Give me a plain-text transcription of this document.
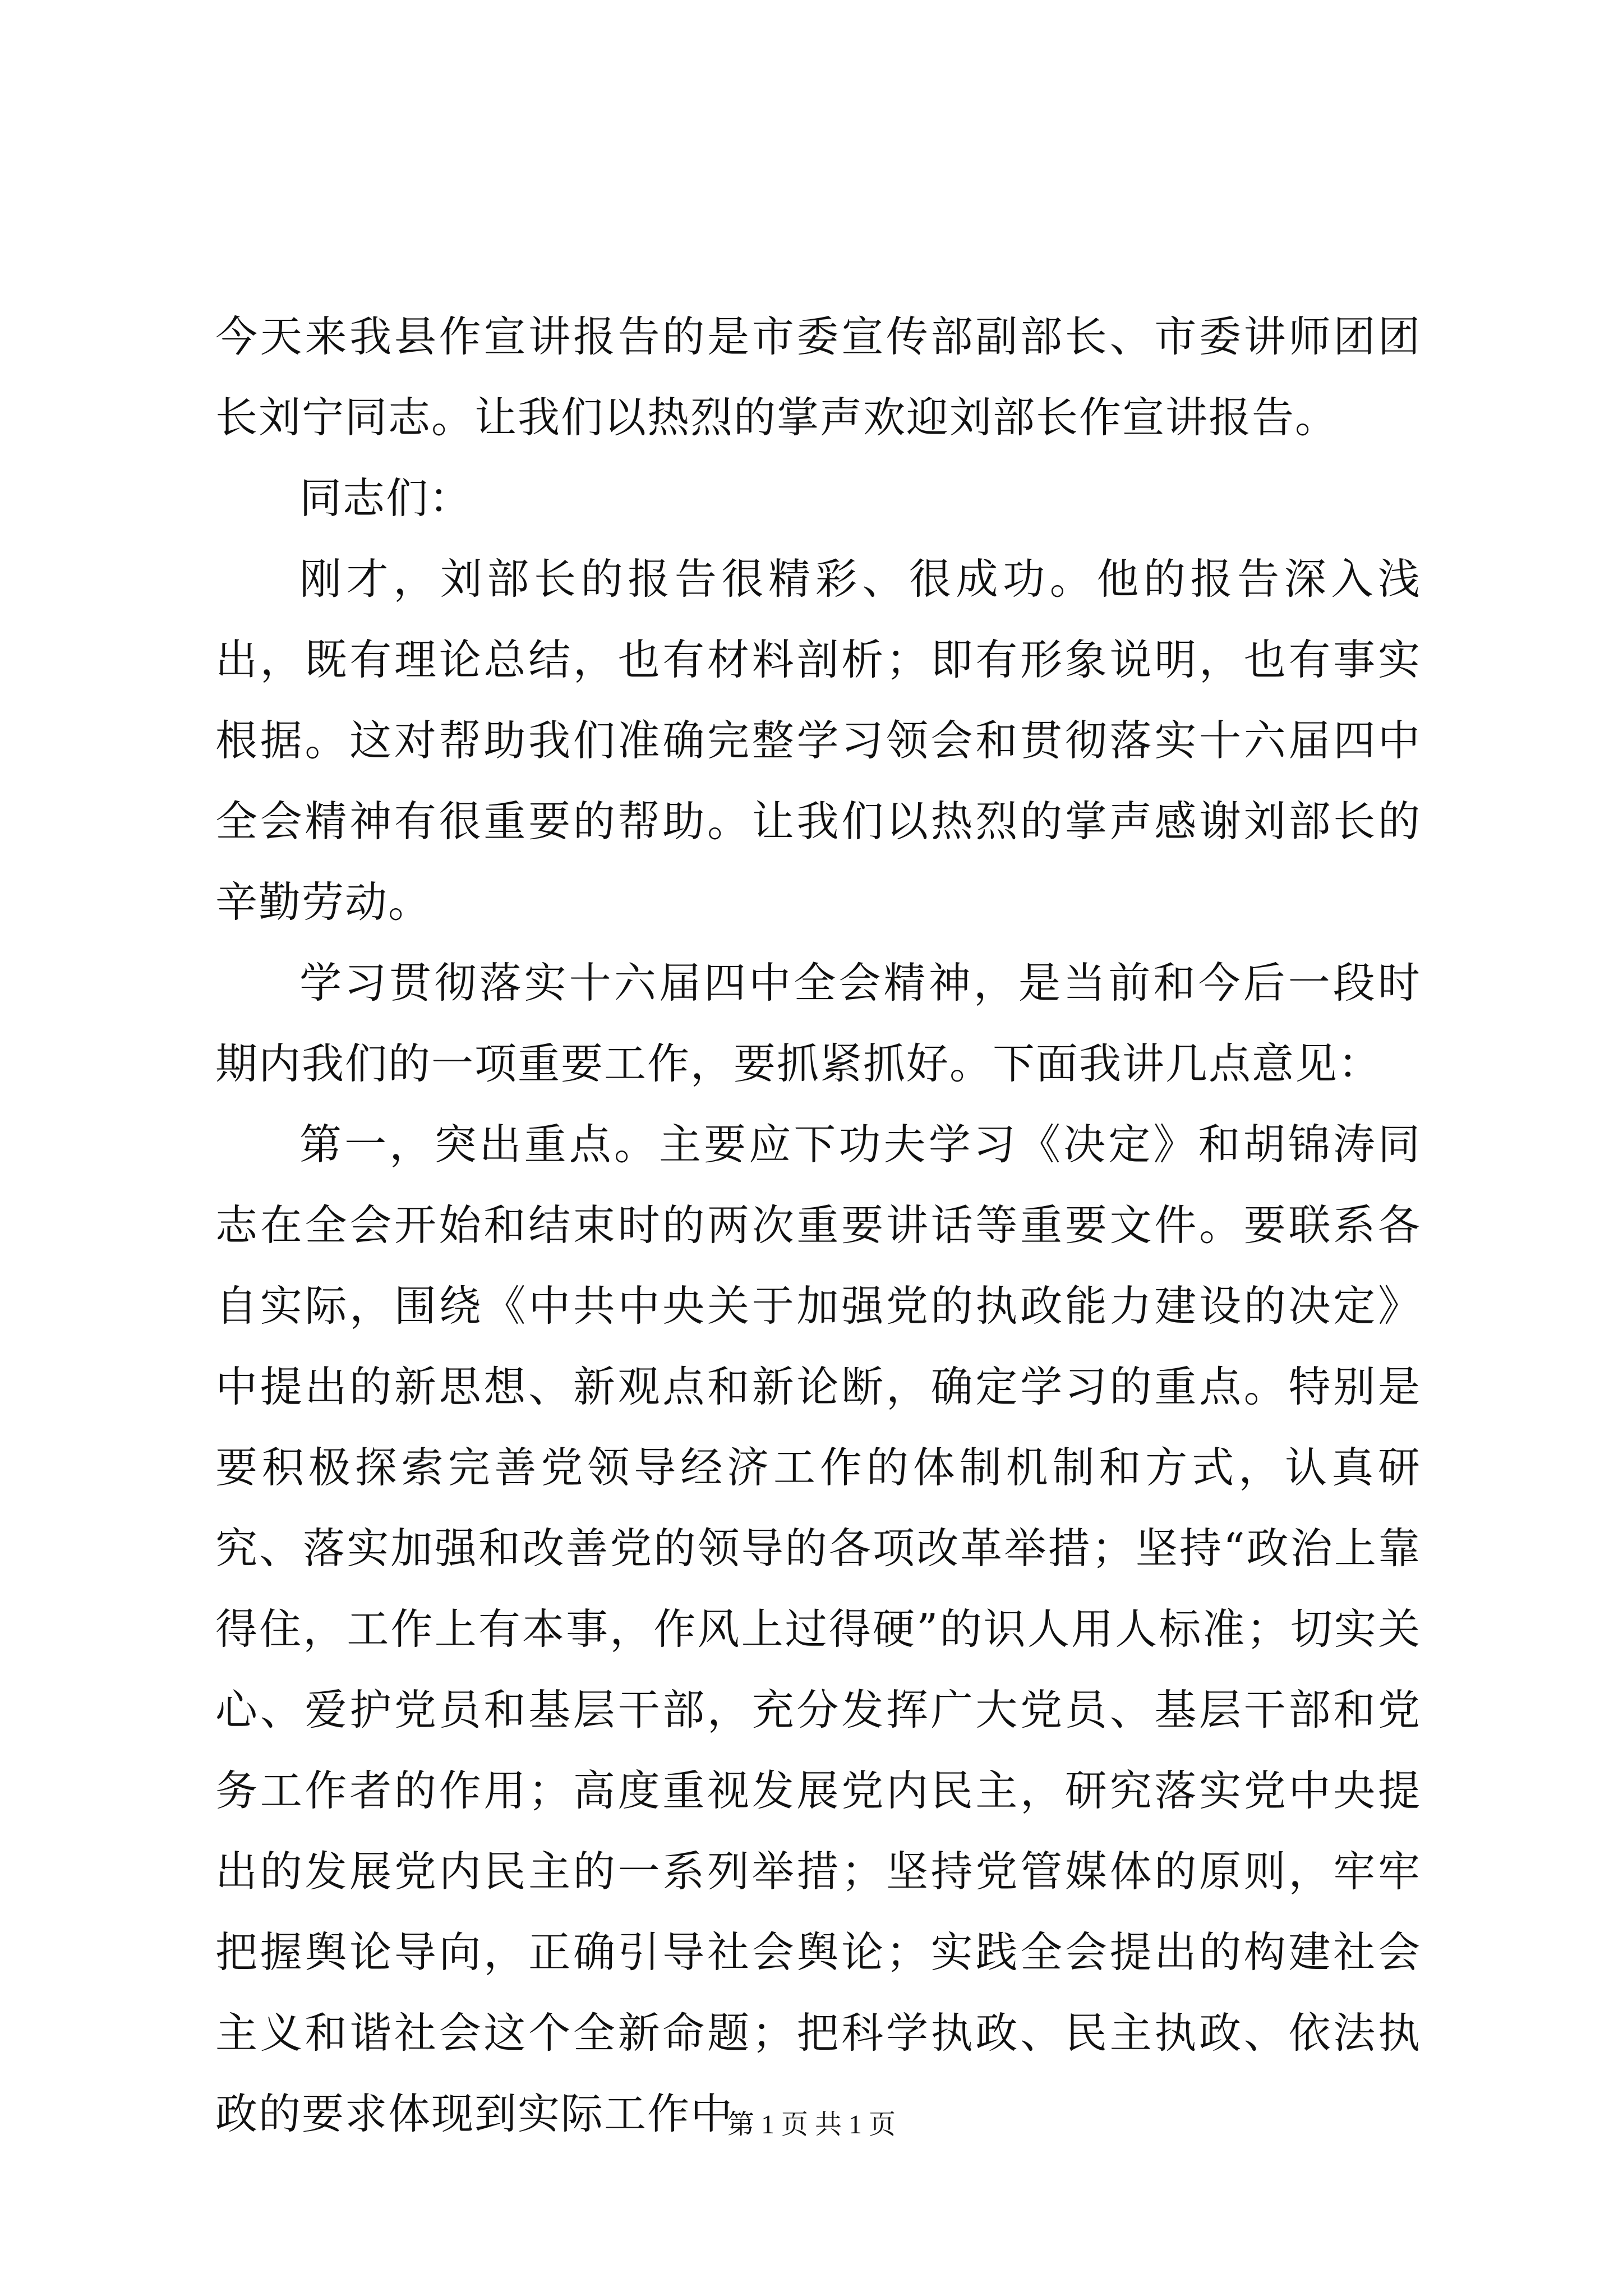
今天来我县作宣讲报告的是市委宣传部副部长、市委讲师团团长刘宁同志。让我们以热烈的掌声欢迎刘部长作宣讲报告。

同志们：

刚才，刘部长的报告很精彩、很成功。他的报告深入浅出，既有理论总结，也有材料剖析；即有形象说明，也有事实根据。这对帮助我们准确完整学习领会和贯彻落实十六届四中全会精神有很重要的帮助。让我们以热烈的掌声感谢刘部长的辛勤劳动。

学习贯彻落实十六届四中全会精神，是当前和今后一段时期内我们的一项重要工作，要抓紧抓好。下面我讲几点意见：

第一，突出重点。主要应下功夫学习《决定》和胡锦涛同志在全会开始和结束时的两次重要讲话等重要文件。要联系各自实际，围绕《中共中央关于加强党的执政能力建设的决定》中提出的新思想、新观点和新论断，确定学习的重点。特别是要积极探索完善党领导经济工作的体制机制和方式，认真研究、落实加强和改善党的领导的各项改革举措；坚持“政治上靠得住，工作上有本事，作风上过得硬”的识人用人标准；切实关心、爱护党员和基层干部，充分发挥广大党员、基层干部和党务工作者的作用；高度重视发展党内民主，研究落实党中央提出的发展党内民主的一系列举措；坚持党管媒体的原则，牢牢把握舆论导向，正确引导社会舆论；实践全会提出的构建社会主义和谐社会这个全新命题；把科学执政、民主执政、依法执政的要求体现到实际工作中

第 1 页 共 1 页
